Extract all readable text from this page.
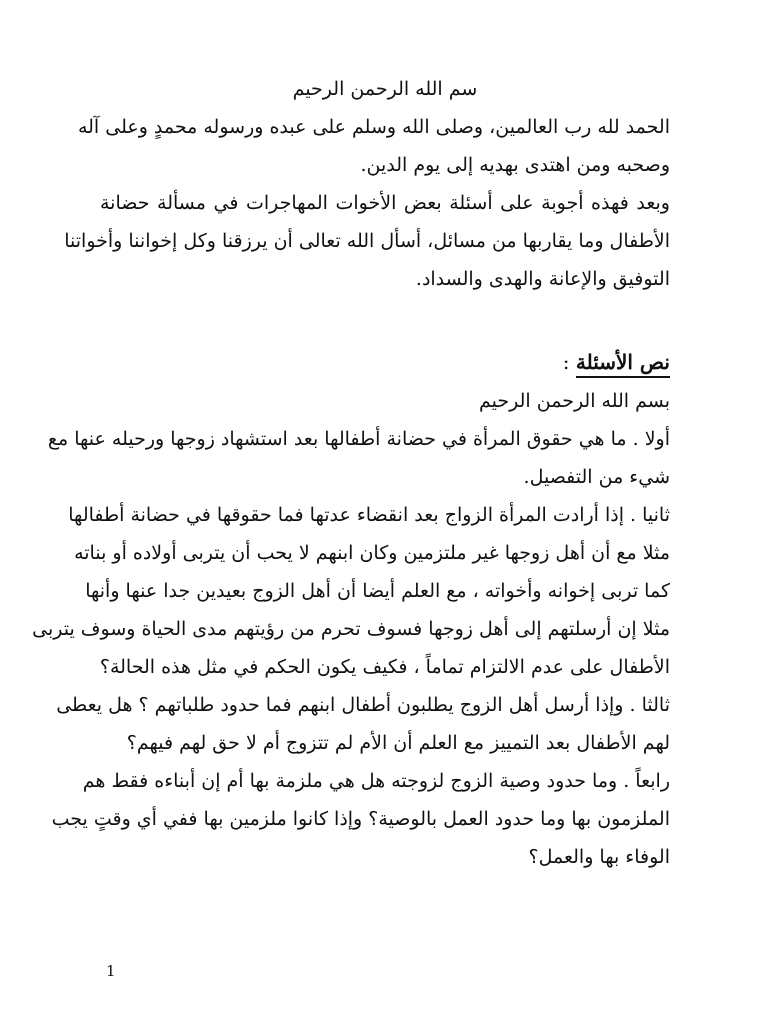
سم الله الرحمن الرحيم
الحمد لله رب العالمين، وصلى الله وسلم على عبده ورسوله محمدٍ وعلى آله
وصحبه ومن اهتدى بهديه إلى يوم الدين.
وبعد فهذه أجوبة على أسئلة بعض الأخوات المهاجرات في مسألة حضانة
الأطفال وما يقاربها من مسائل، أسأل الله تعالى أن يرزقنا وكل إخواننا وأخواتنا
التوفيق والإعانة والهدى والسداد.
نص الأسئلة :
بسم الله الرحمن الرحيم
أولا . ما هي حقوق المرأة في حضانة أطفالها بعد استشهاد زوجها ورحيله عنها مع
شيء من التفصيل.
ثانيا . إذا أرادت المرأة الزواج بعد انقضاء عدتها فما حقوقها في حضانة أطفالها
مثلا مع أن أهل زوجها غير ملتزمين وكان ابنهم لا يحب أن يتربى أولاده أو بناته
كما تربى إخوانه وأخواته ، مع العلم أيضا أن أهل الزوج بعيدين جدا عنها وأنها
مثلا إن أرسلتهم إلى أهل زوجها فسوف تحرم من رؤيتهم مدى الحياة وسوف يتربى
الأطفال على عدم الالتزام تماماً ، فكيف يكون الحكم في مثل هذه الحالة؟
ثالثا . وإذا أرسل أهل الزوج يطلبون أطفال ابنهم فما حدود طلباتهم ؟ هل يعطى
لهم الأطفال بعد التمييز مع العلم أن الأم لم تتزوج أم لا حق لهم فيهم؟
رابعاً . وما حدود وصية الزوج لزوجته هل هي ملزمة بها أم إن أبناءه فقط هم
الملزمون بها وما حدود العمل بالوصية؟ وإذا كانوا ملزمين بها ففي أي وقتٍ يجب
الوفاء بها والعمل؟
1
